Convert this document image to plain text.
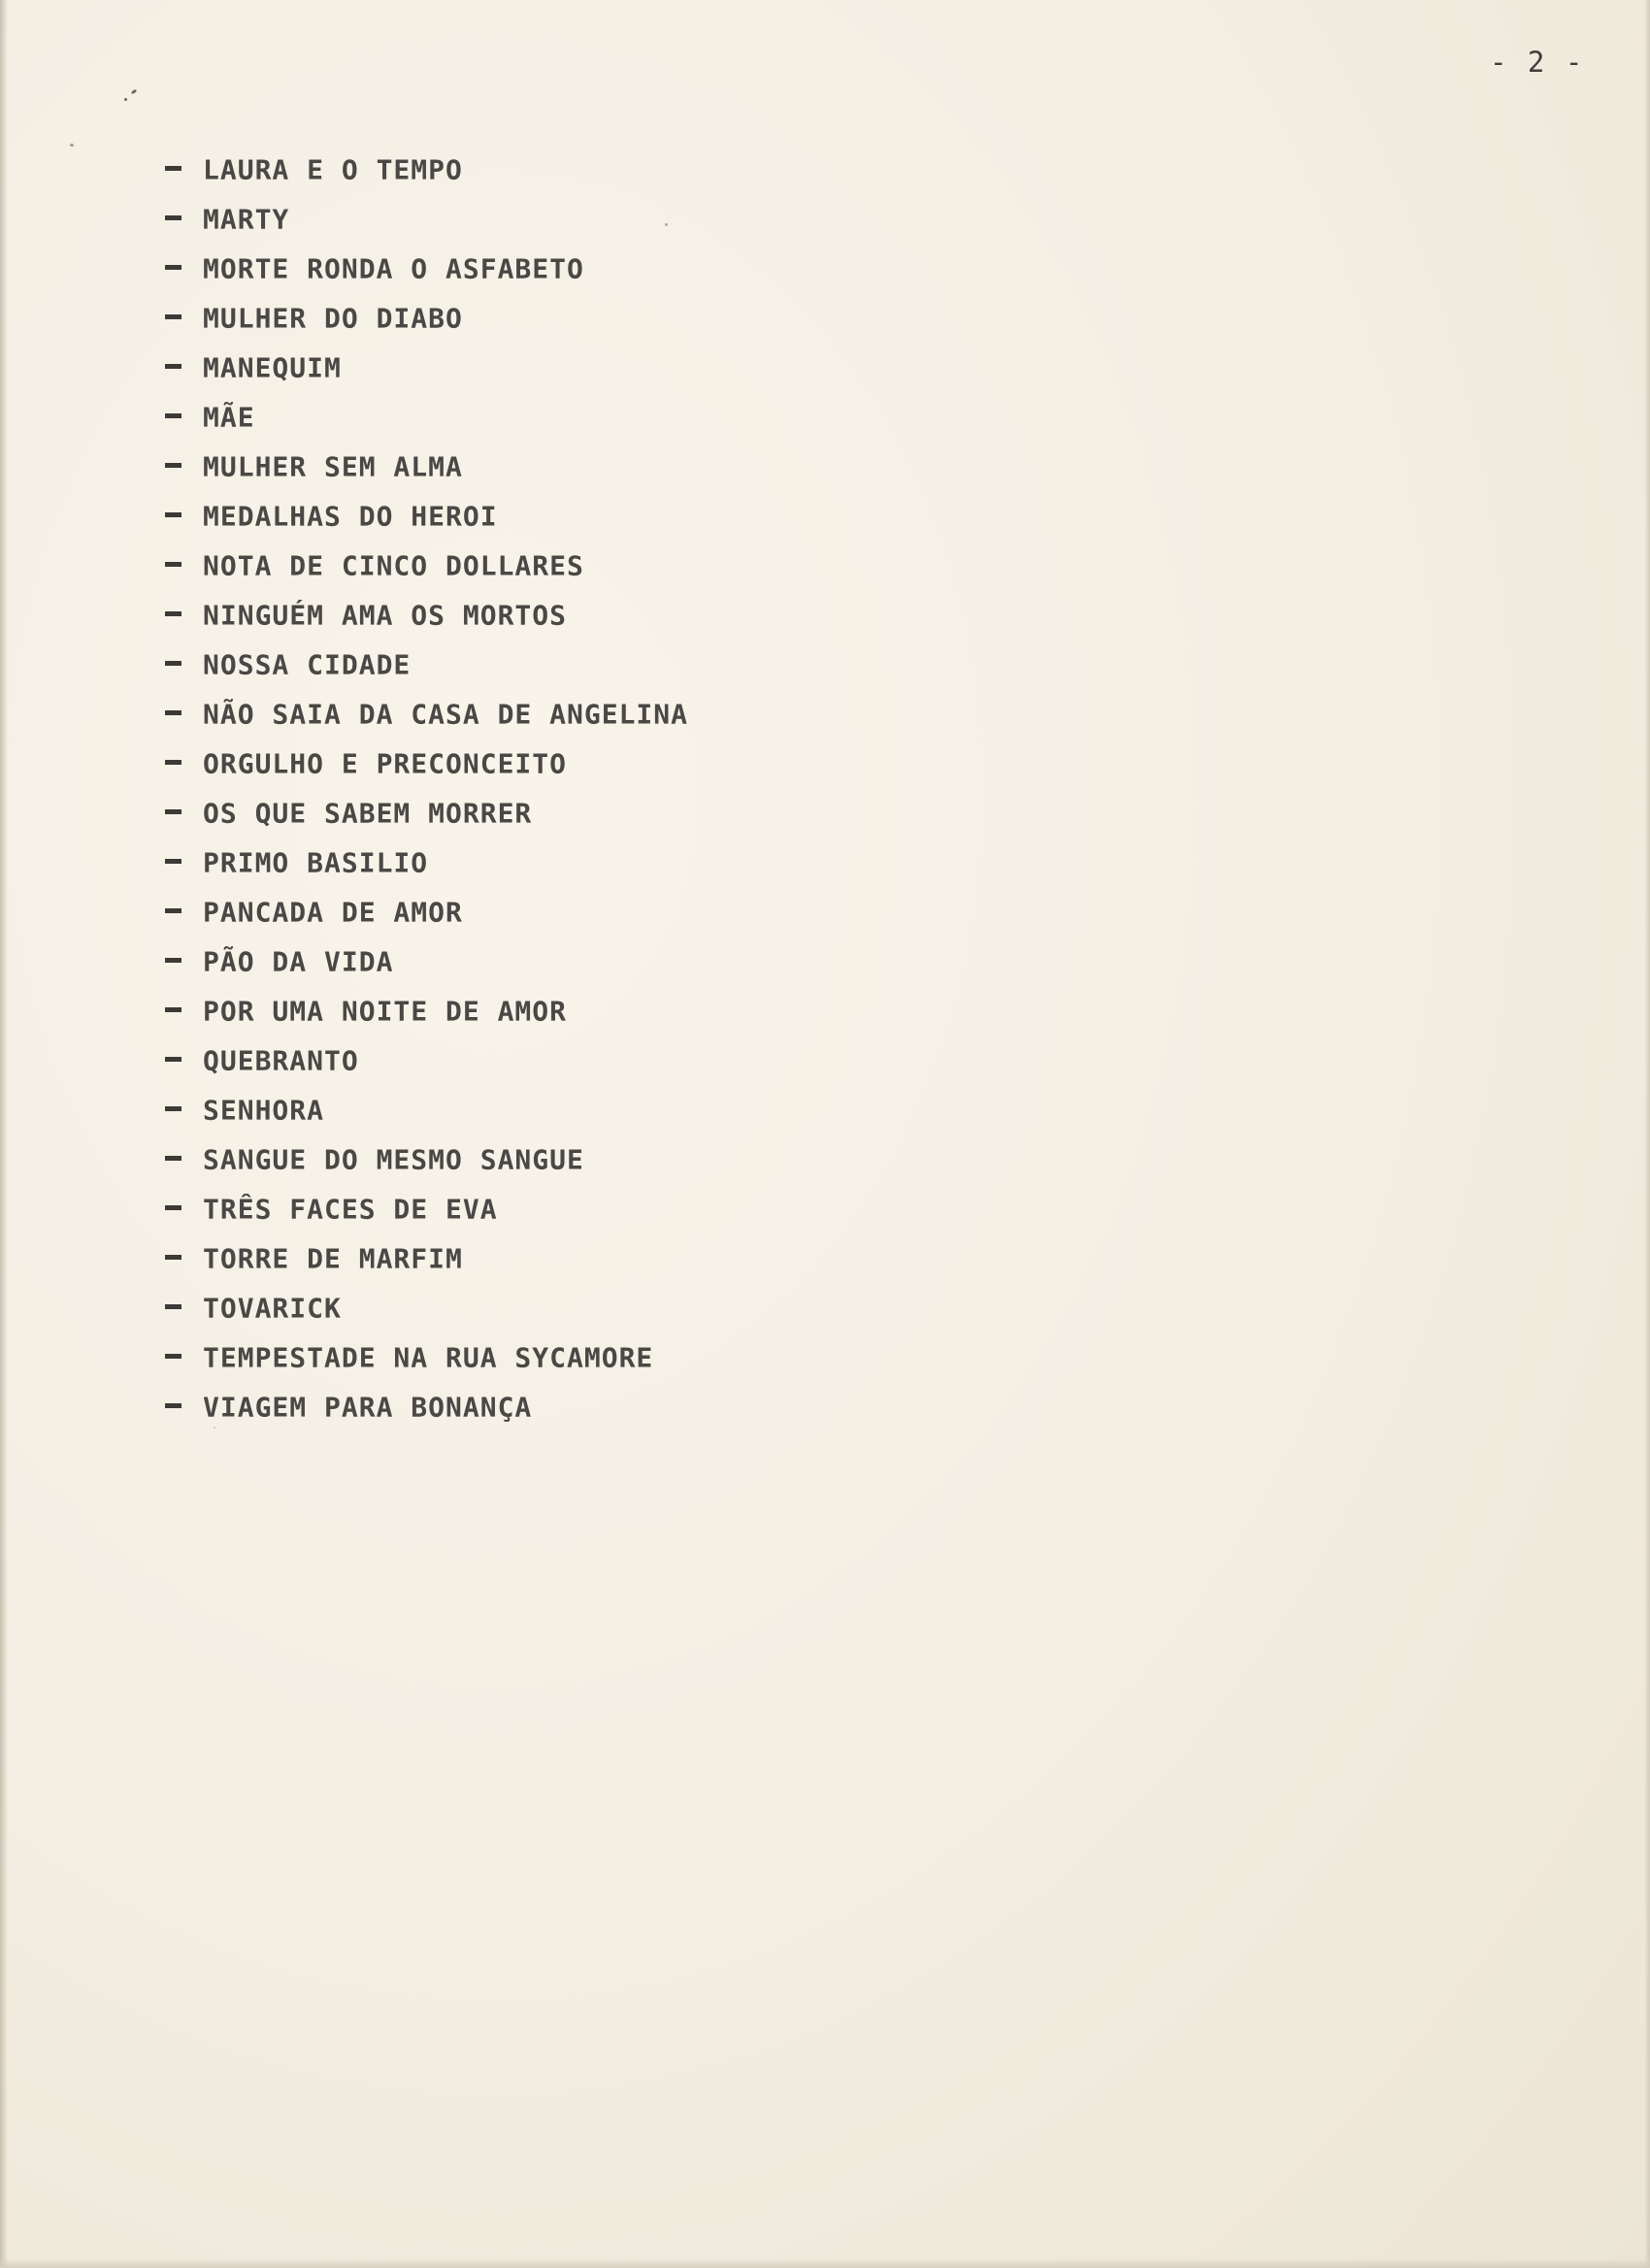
- 2 -

LAURA E O TEMPO
MARTY
MORTE RONDA O ASFABETO
MULHER DO DIABO
MANEQUIM
MÃE
MULHER SEM ALMA
MEDALHAS DO HEROI
NOTA DE CINCO DOLLARES
NINGUÉM AMA OS MORTOS
NOSSA CIDADE
NÃO SAIA DA CASA DE ANGELINA
ORGULHO E PRECONCEITO
OS QUE SABEM MORRER
PRIMO BASILIO
PANCADA DE AMOR
PÃO DA VIDA
POR UMA NOITE DE AMOR
QUEBRANTO
SENHORA
SANGUE DO MESMO SANGUE
TRÊS FACES DE EVA
TORRE DE MARFIM
TOVARICK
TEMPESTADE NA RUA SYCAMORE
VIAGEM PARA BONANÇA
